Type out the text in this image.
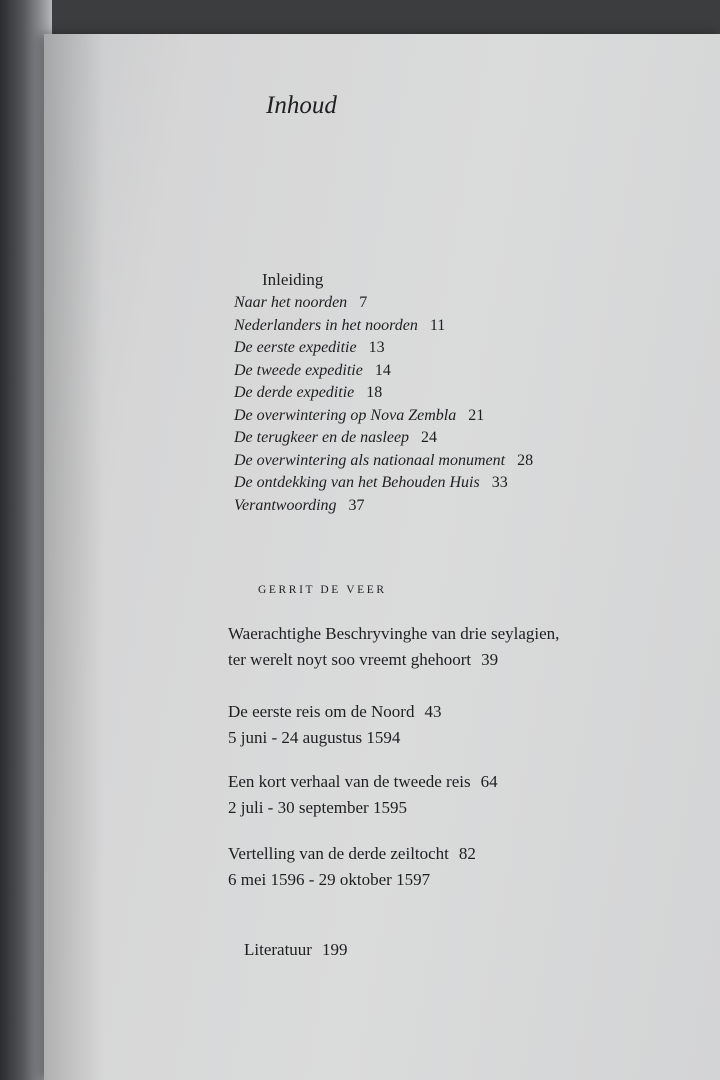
Inhoud
Inleiding
Naar het noorden 7
Nederlanders in het noorden 11
De eerste expeditie 13
De tweede expeditie 14
De derde expeditie 18
De overwintering op Nova Zembla 21
De terugkeer en de nasleep 24
De overwintering als nationaal monument 28
De ontdekking van het Behouden Huis 33
Verantwoording 37
GERRIT DE VEER
Waerachtighe Beschryvinghe van drie seylagien,
ter werelt noyt soo vreemt ghehoort 39
De eerste reis om de Noord 43
5 juni - 24 augustus 1594
Een kort verhaal van de tweede reis 64
2 juli - 30 september 1595
Vertelling van de derde zeiltocht 82
6 mei 1596 - 29 oktober 1597
Literatuur 199
